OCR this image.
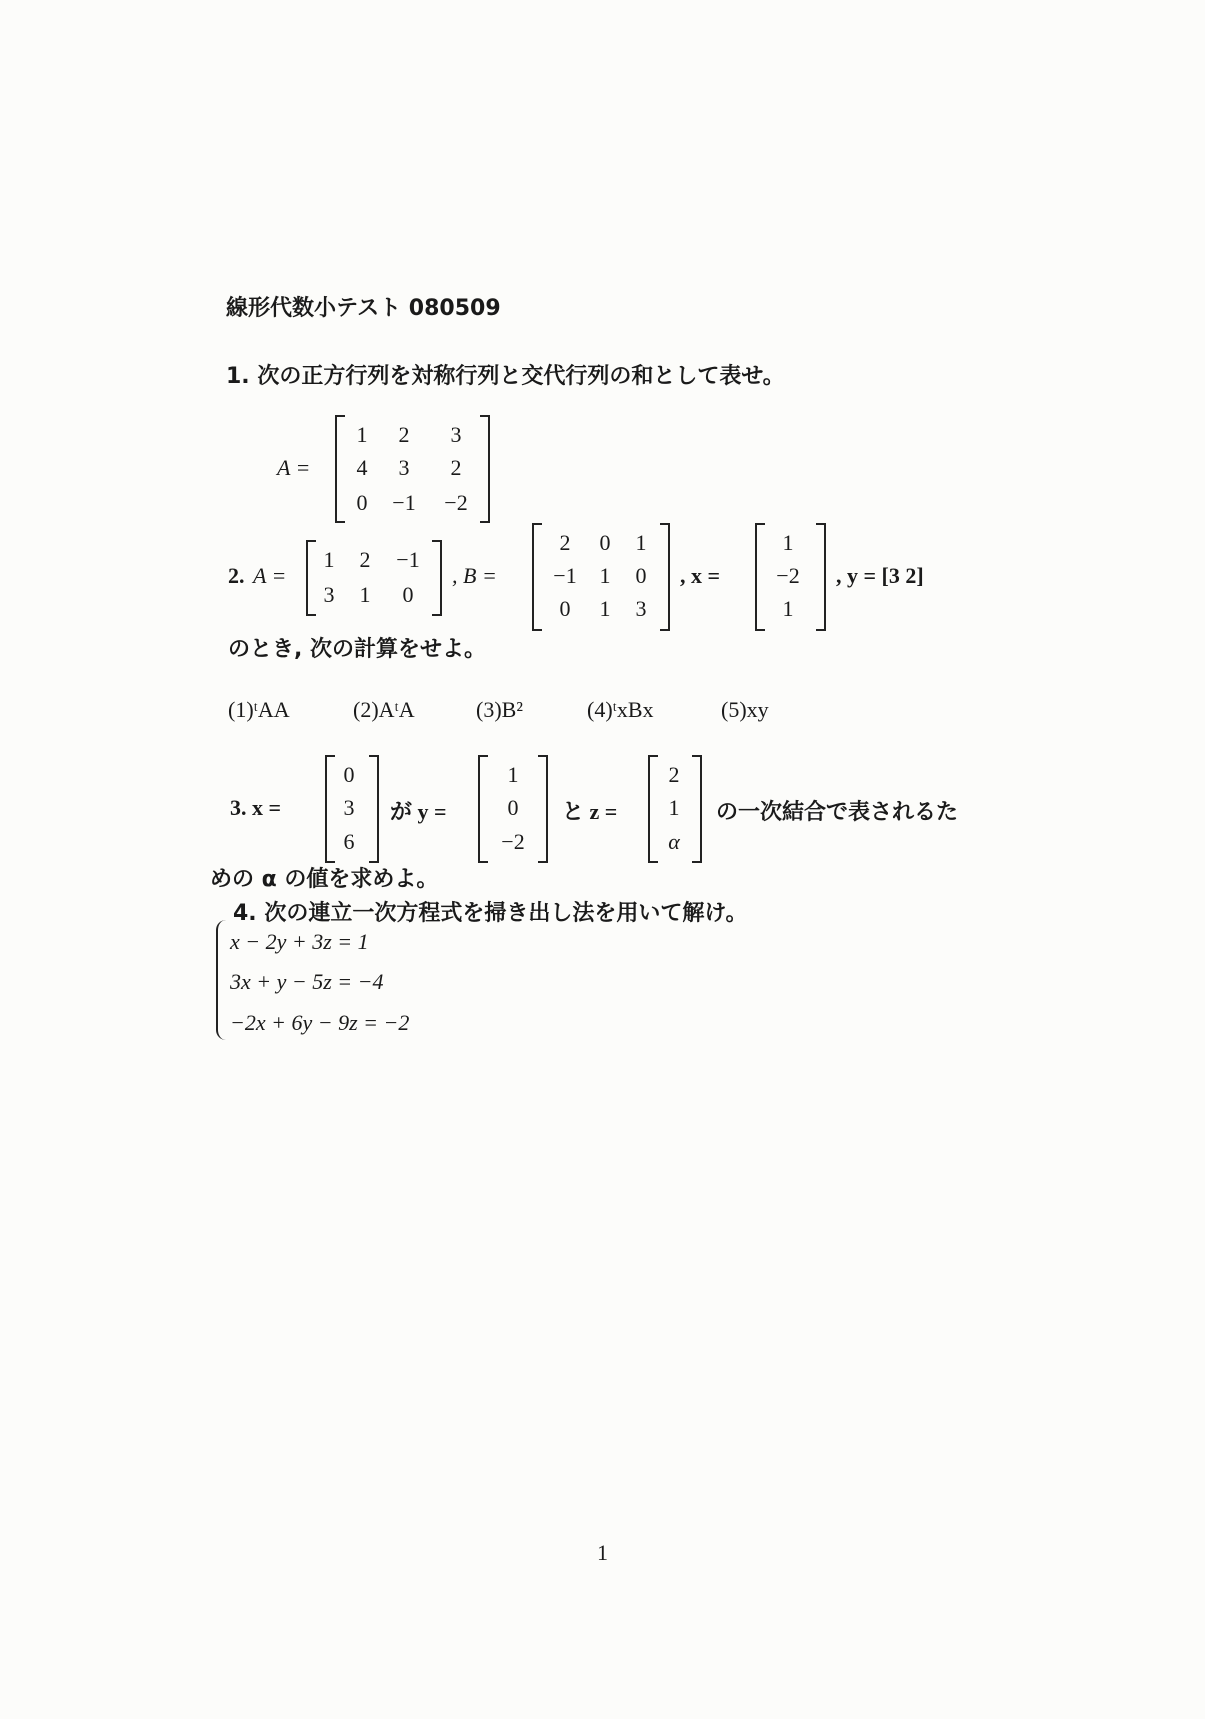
線形代数小テスト 080509
1. 次の正方行列を対称行列と交代行列の和として表せ。
A =
1	2	3
4	3	2
0	−1	−2
2. A =
1	2	−1
3	1	0
, B =
2	0	1
−1	1	0
0	1	3
, x =
1
−2
1
, y = [3 2]
のとき, 次の計算をせよ。
(1)ᵗAA	(2)AᵗA	(3)B²	(4)ᵗxBx	(5)xy
3. x =
0
3
6
が y =
1
0
−2
と z =
2
1
α
の一次結合で表されるた
めの α の値を求めよ。
4. 次の連立一次方程式を掃き出し法を用いて解け。
x − 2y + 3z = 1
3x + y − 5z = −4
−2x + 6y − 9z = −2
1
